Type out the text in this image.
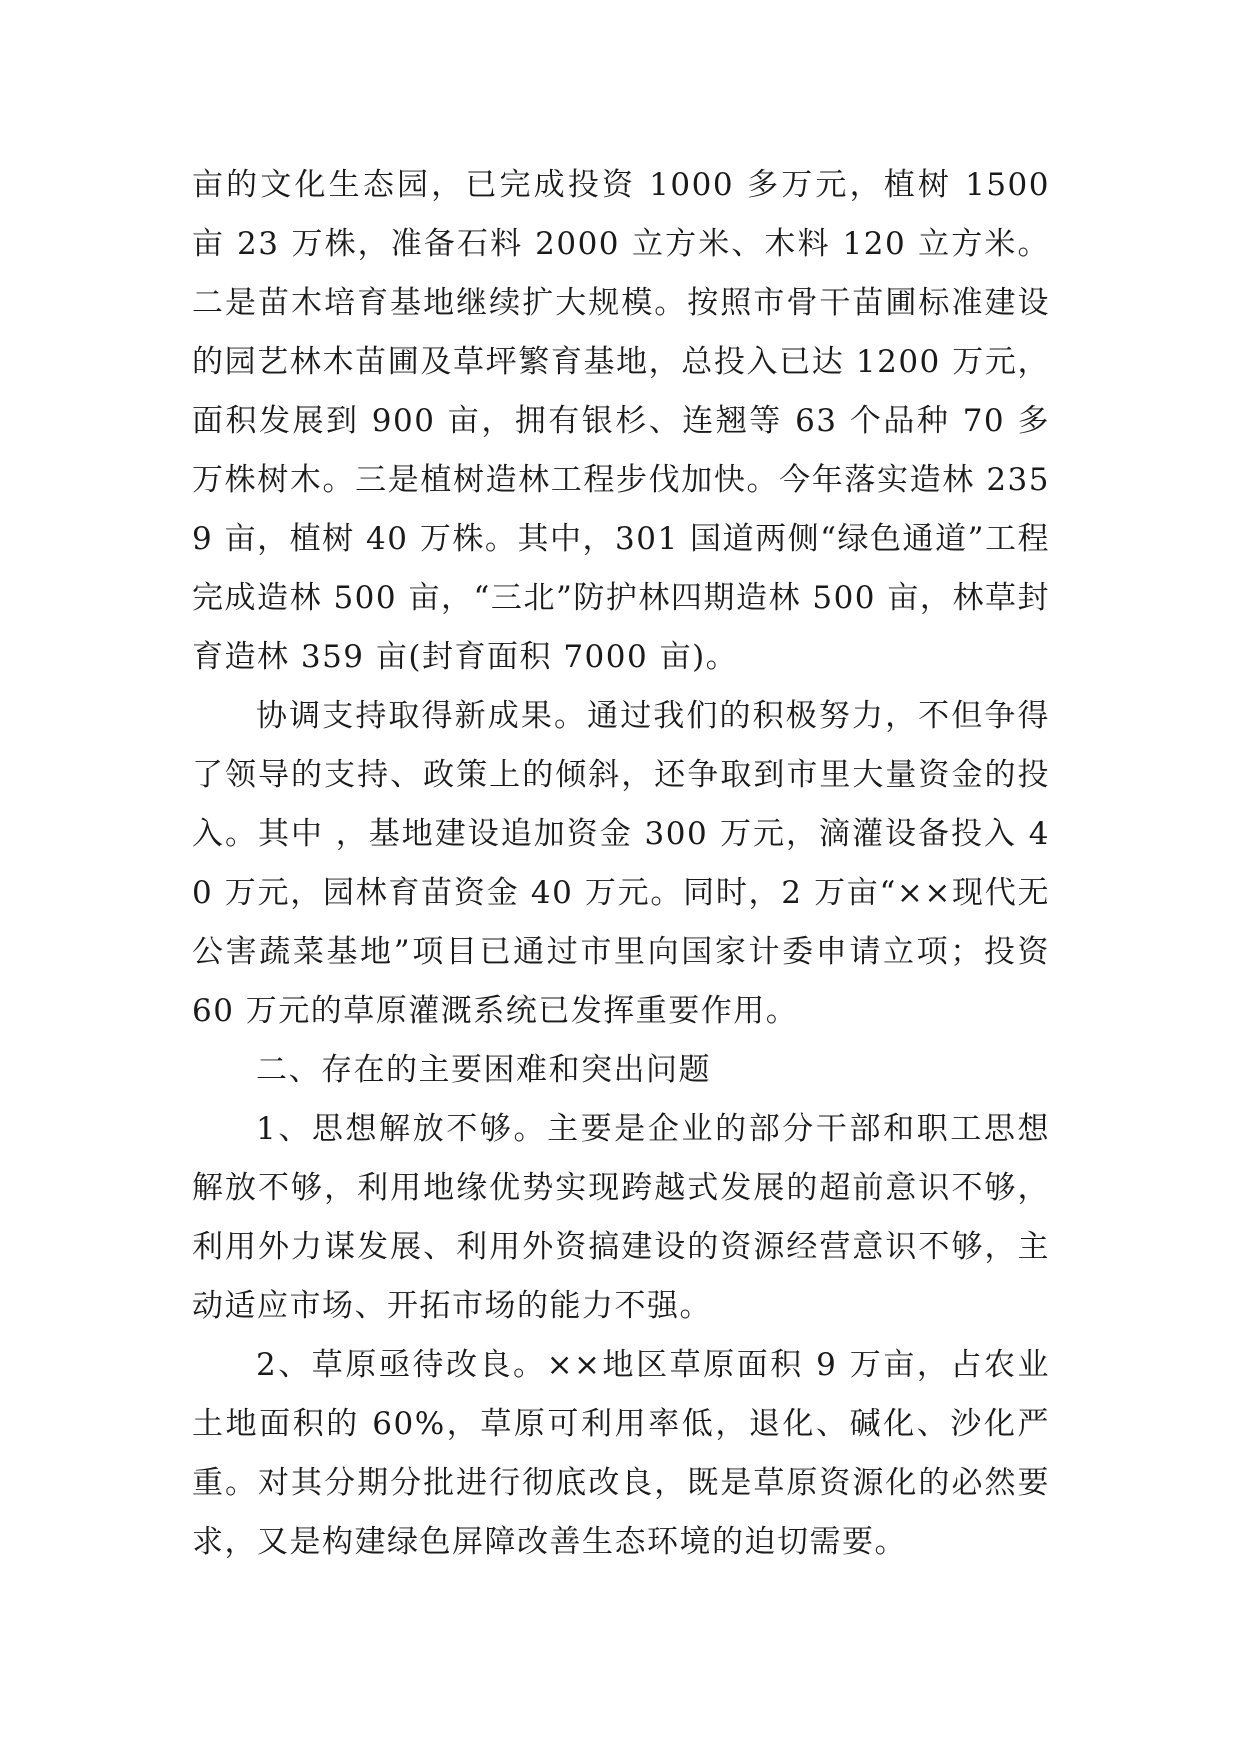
亩的文化生态园，已完成投资 1000 多万元，植树 1500 亩 23 万株，准备石料 2000 立方米、木料 120 立方米。二是苗木培育基地继续扩大规模。按照市骨干苗圃标准建设的园艺林木苗圃及草坪繁育基地，总投入已达 1200 万元，面积发展到 900 亩，拥有银杉、连翘等 63 个品种 70 多万株树木。三是植树造林工程步伐加快。今年落实造林 2359 亩，植树 40 万株。其中，301 国道两侧“绿色通道”工程完成造林 500 亩，“三北”防护林四期造林 500 亩，林草封育造林 359 亩(封育面积 7000 亩)。

协调支持取得新成果。通过我们的积极努力，不但争得了领导的支持、政策上的倾斜，还争取到市里大量资金的投入。其中 ，基地建设追加资金 300 万元，滴灌设备投入 40 万元，园林育苗资金 40 万元。同时，2 万亩“××现代无公害蔬菜基地”项目已通过市里向国家计委申请立项；投资 60 万元的草原灌溉系统已发挥重要作用。

二、存在的主要困难和突出问题

1、思想解放不够。主要是企业的部分干部和职工思想解放不够，利用地缘优势实现跨越式发展的超前意识不够，利用外力谋发展、利用外资搞建设的资源经营意识不够，主动适应市场、开拓市场的能力不强。

2、草原亟待改良。××地区草原面积 9 万亩，占农业土地面积的 60%，草原可利用率低，退化、碱化、沙化严重。对其分期分批进行彻底改良，既是草原资源化的必然要求，又是构建绿色屏障改善生态环境的迫切需要。
